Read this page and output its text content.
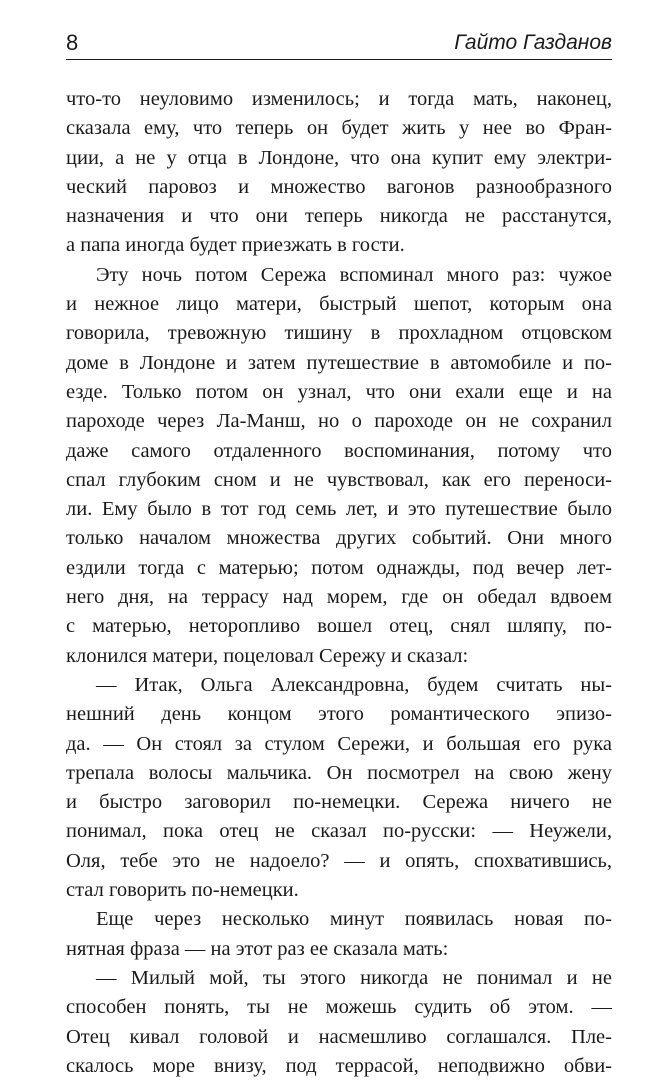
8	Гайто Газданов
что-то неуловимо изменилось; и тогда мать, наконец,
сказала ему, что теперь он будет жить у нее во Фран-
ции, а не у отца в Лондоне, что она купит ему электри-
ческий паровоз и множество вагонов разнообразного
назначения и что они теперь никогда не расстанутся,
а папа иногда будет приезжать в гости.
Эту ночь потом Сережа вспоминал много раз: чужое
и нежное лицо матери, быстрый шепот, которым она
говорила, тревожную тишину в прохладном отцовском
доме в Лондоне и затем путешествие в автомобиле и по-
езде. Только потом он узнал, что они ехали еще и на
пароходе через Ла-Манш, но о пароходе он не сохранил
даже самого отдаленного воспоминания, потому что
спал глубоким сном и не чувствовал, как его переноси-
ли. Ему было в тот год семь лет, и это путешествие было
только началом множества других событий. Они много
ездили тогда с матерью; потом однажды, под вечер лет-
него дня, на террасу над морем, где он обедал вдвоем
с матерью, неторопливо вошел отец, снял шляпу, по-
клонился матери, поцеловал Сережу и сказал:
— Итак, Ольга Александровна, будем считать ны-
нешний день концом этого романтического эпизо-
да. — Он стоял за стулом Сережи, и большая его рука
трепала волосы мальчика. Он посмотрел на свою жену
и быстро заговорил по-немецки. Сережа ничего не
понимал, пока отец не сказал по-русски: — Неужели,
Оля, тебе это не надоело? — и опять, спохватившись,
стал говорить по-немецки.
Еще через несколько минут появилась новая по-
нятная фраза — на этот раз ее сказала мать:
— Милый мой, ты этого никогда не понимал и не
способен понять, ты не можешь судить об этом. —
Отец кивал головой и насмешливо соглашался. Пле-
скалось море внизу, под террасой, неподвижно обви-
